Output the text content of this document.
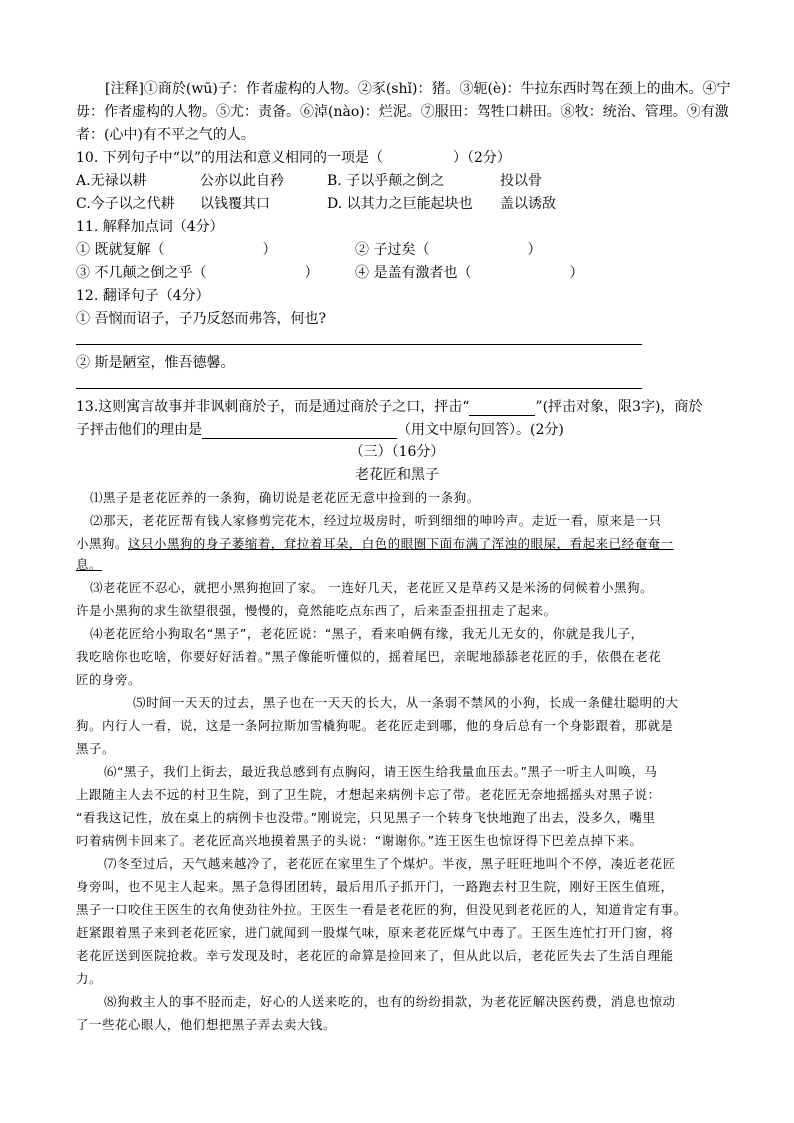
[注释]①商於(wū)子：作者虚构的人物。②豕(shǐ)：猪。③轭(è)：牛拉东西时驾在颈上的曲木。④宁
毋：作者虚构的人物。⑤尤：责备。⑥淖(nào)：烂泥。⑦服田：驾牲口耕田。⑧牧：统治、管理。⑨有激
者：(心中)有不平之气的人。
10. 下列句子中“以”的用法和意义相同的一项是（　　　　　）（2分）
A.无禄以耕	公亦以此自矜	B. 子以乎颠之倒之	投以骨
C.今子以之代耕 以钱覆其口	D. 以其力之巨能起块也 盖以诱敌
11. 解释加点词（4分）
① 既就复解（　　　　　　　）	② 子过矣（　　　　　　　）
③ 不几颠之倒之乎（　　　　　　　）	④ 是盖有激者也（　　　　　　　）
12. 翻译句子（4分）
① 吾悯而诏子，子乃反怒而弗答，何也?
② 斯是陋室，惟吾德馨。
13.这则寓言故事并非讽刺商於子，而是通过商於子之口，抨击“	”(抨击对象，限3字)，商於
子抨击他们的理由是	（用文中原句回答）。(2分)
（三）（16分）
老花匠和黑子
⑴黑子是老花匠养的一条狗，确切说是老花匠无意中捡到的一条狗。
⑵那天，老花匠帮有钱人家修剪完花木，经过垃圾房时，听到细细的呻吟声。走近一看，原来是一只
小黑狗。这只小黑狗的身子萎缩着，耷拉着耳朵，白色的眼圈下面布满了浑浊的眼屎，看起来已经奄奄一
息。
⑶老花匠不忍心，就把小黑狗抱回了家。 一连好几天，老花匠又是草药又是米汤的伺候着小黑狗。
许是小黑狗的求生欲望很强，慢慢的，竟然能吃点东西了，后来歪歪扭扭走了起来。
⑷老花匠给小狗取名“黑子”，老花匠说：“黑子，看来咱俩有缘，我无儿无女的，你就是我儿子，
我吃啥你也吃啥，你要好好活着。”黑子像能听懂似的，摇着尾巴，亲昵地舔舔老花匠的手，依偎在老花
匠的身旁。
⑸时间一天天的过去，黑子也在一天天的长大，从一条弱不禁风的小狗，长成一条健壮聪明的大
狗。内行人一看，说，这是一条阿拉斯加雪橇狗呢。老花匠走到哪，他的身后总有一个身影跟着，那就是
黑子。
⑹“黑子，我们上街去，最近我总感到有点胸闷，请王医生给我量血压去。”黑子一听主人叫唤，马
上跟随主人去不远的村卫生院，到了卫生院，才想起来病例卡忘了带。老花匠无奈地摇摇头对黑子说：
“看我这记性，放在桌上的病例卡也没带。”刚说完，只见黑子一个转身飞快地跑了出去，没多久，嘴里
叼着病例卡回来了。老花匠高兴地摸着黑子的头说：“谢谢你。”连王医生也惊讶得下巴差点掉下来。
⑺冬至过后，天气越来越冷了，老花匠在家里生了个煤炉。半夜，黑子旺旺地叫个不停，凑近老花匠
身旁叫，也不见主人起来。黑子急得团团转，最后用爪子抓开门，一路跑去村卫生院，刚好王医生值班，
黑子一口咬住王医生的衣角使劲往外拉。王医生一看是老花匠的狗，但没见到老花匠的人，知道肯定有事。
赶紧跟着黑子来到老花匠家，进门就闻到一股煤气味，原来老花匠煤气中毒了。王医生连忙打开门窗，将
老花匠送到医院抢救。幸亏发现及时，老花匠的命算是捡回来了，但从此以后，老花匠失去了生活自理能
力。
⑻狗救主人的事不胫而走，好心的人送来吃的，也有的纷纷捐款，为老花匠解决医药费，消息也惊动
了一些花心眼人，他们想把黑子弄去卖大钱。
